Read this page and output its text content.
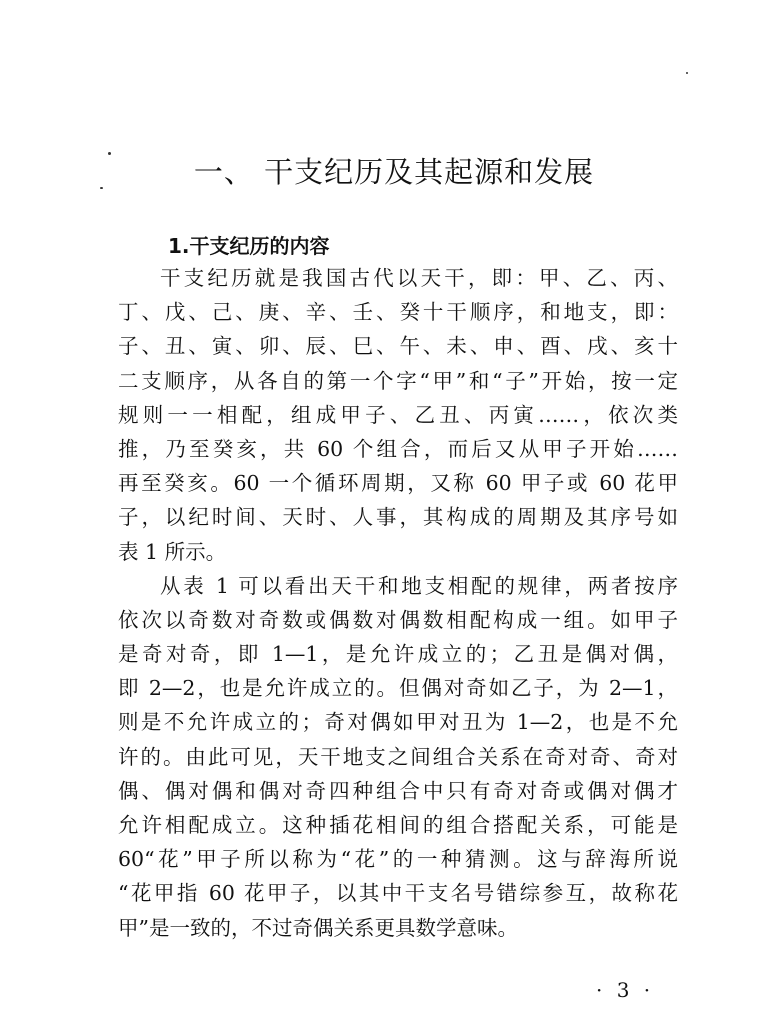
一、 干支纪历及其起源和发展
1.干支纪历的内容
干支纪历就是我国古代以天干，即：甲、乙、丙、
丁、戊、己、庚、辛、壬、癸十干顺序，和地支，即：
子、丑、寅、卯、辰、巳、午、未、申、酉、戌、亥十
二支顺序，从各自的第一个字“甲”和“子”开始，按一定
规则一一相配，组成甲子、乙丑、丙寅……，依次类
推，乃至癸亥，共 60 个组合，而后又从甲子开始……
再至癸亥。60 一个循环周期，又称 60 甲子或 60 花甲
子，以纪时间、天时、人事，其构成的周期及其序号如
表 1 所示。
从表 1 可以看出天干和地支相配的规律，两者按序
依次以奇数对奇数或偶数对偶数相配构成一组。如甲子
是奇对奇，即 1—1，是允许成立的；乙丑是偶对偶，
即 2—2，也是允许成立的。但偶对奇如乙子，为 2—1，
则是不允许成立的；奇对偶如甲对丑为 1—2，也是不允
许的。由此可见，天干地支之间组合关系在奇对奇、奇对
偶、偶对偶和偶对奇四种组合中只有奇对奇或偶对偶才
允许相配成立。这种插花相间的组合搭配关系，可能是
60“花”甲子所以称为“花”的一种猜测。这与辞海所说
“花甲指 60 花甲子，以其中干支名号错综参互，故称花
甲”是一致的，不过奇偶关系更具数学意味。
· 3 ·
